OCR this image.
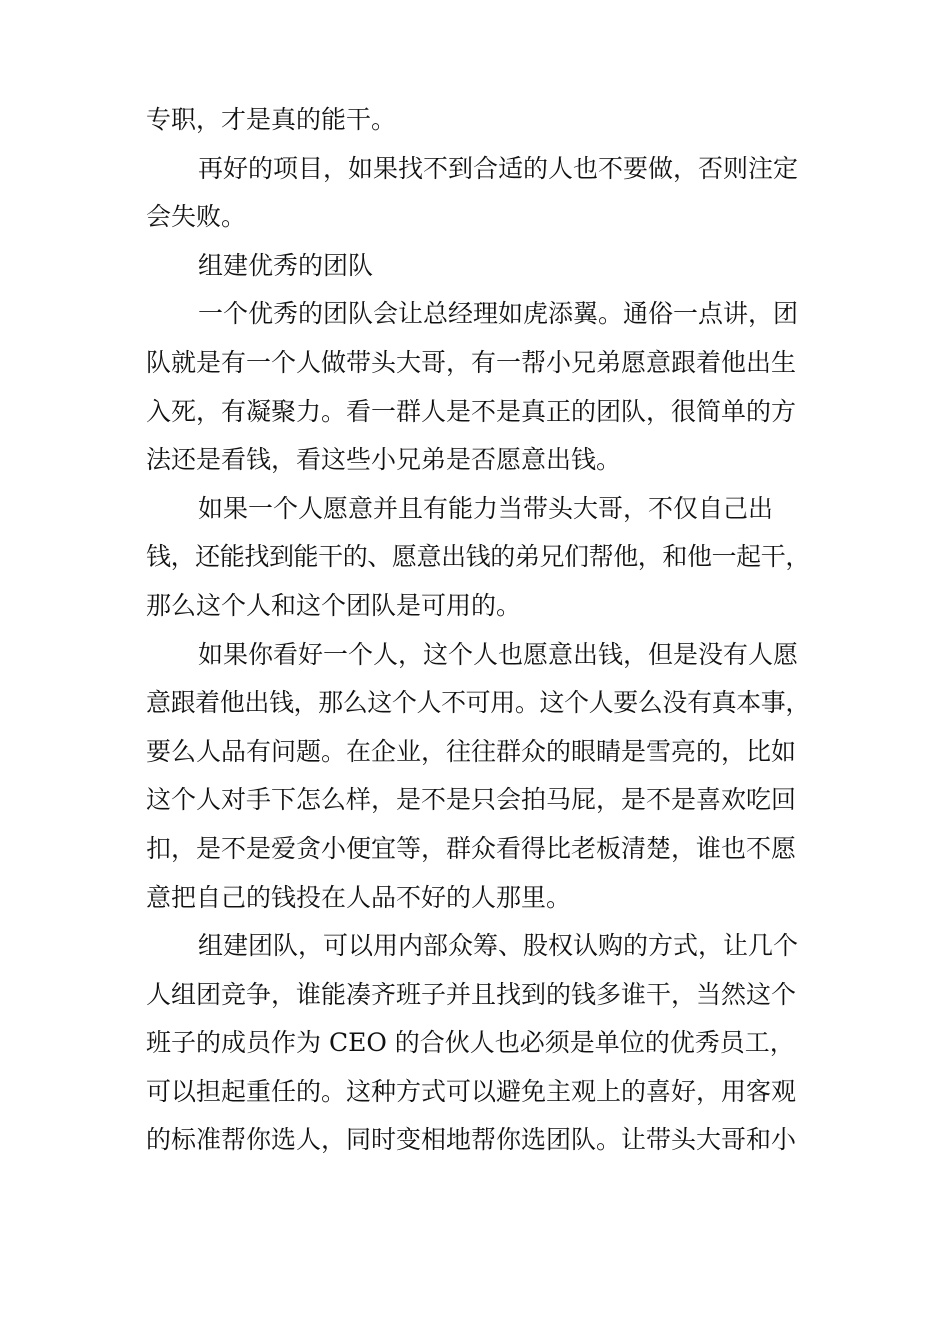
专职，才是真的能干。
再好的项目，如果找不到合适的人也不要做，否则注定
会失败。
组建优秀的团队
一个优秀的团队会让总经理如虎添翼。通俗一点讲，团
队就是有一个人做带头大哥，有一帮小兄弟愿意跟着他出生
入死，有凝聚力。看一群人是不是真正的团队，很简单的方
法还是看钱，看这些小兄弟是否愿意出钱。
如果一个人愿意并且有能力当带头大哥，不仅自己出
钱，还能找到能干的、愿意出钱的弟兄们帮他，和他一起干，
那么这个人和这个团队是可用的。
如果你看好一个人，这个人也愿意出钱，但是没有人愿
意跟着他出钱，那么这个人不可用。这个人要么没有真本事，
要么人品有问题。在企业，往往群众的眼睛是雪亮的，比如
这个人对手下怎么样，是不是只会拍马屁，是不是喜欢吃回
扣，是不是爱贪小便宜等，群众看得比老板清楚，谁也不愿
意把自己的钱投在人品不好的人那里。
组建团队，可以用内部众筹、股权认购的方式，让几个
人组团竞争，谁能凑齐班子并且找到的钱多谁干，当然这个
班子的成员作为 CEO 的合伙人也必须是单位的优秀员工，
可以担起重任的。这种方式可以避免主观上的喜好，用客观
的标准帮你选人，同时变相地帮你选团队。让带头大哥和小
